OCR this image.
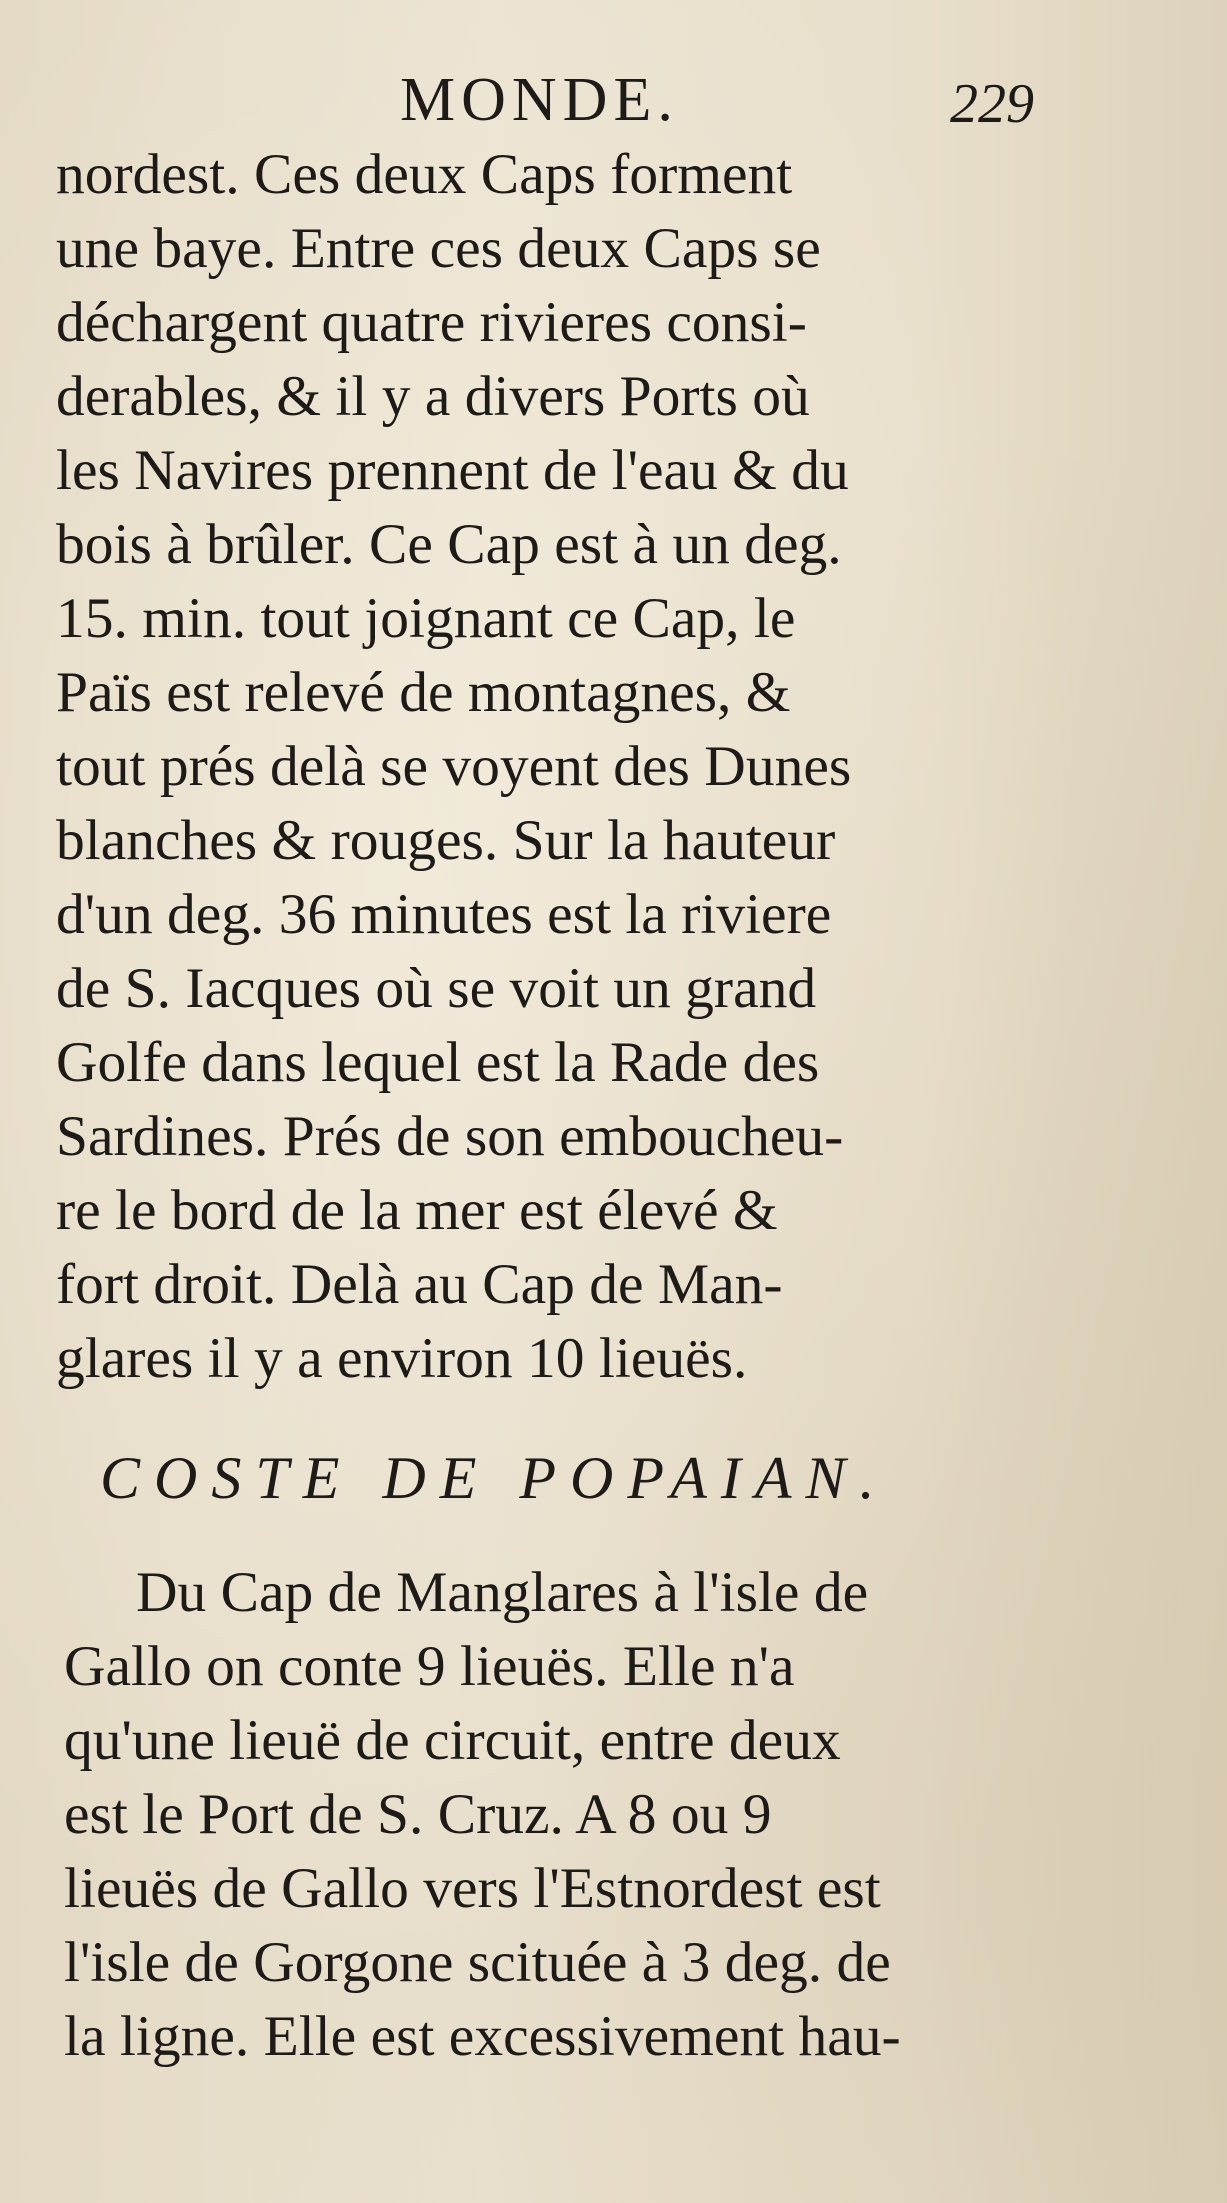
MONDE.	229
nordest. Ces deux Caps forment
une baye. Entre ces deux Caps se
déchargent quatre rivieres consi-
derables, & il y a divers Ports où
les Navires prennent de l'eau & du
bois à brûler. Ce Cap est à un deg.
15. min. tout joignant ce Cap, le
Païs est relevé de montagnes, &
tout prés delà se voyent des Dunes
blanches & rouges. Sur la hauteur
d'un deg. 36 minutes est la riviere
de S. Iacques où se voit un grand
Golfe dans lequel est la Rade des
Sardines. Prés de son emboucheu-
re le bord de la mer est élevé &
fort droit. Delà au Cap de Man-
glares il y a environ 10 lieuës.
COSTE DE POPAIAN.
Du Cap de Manglares à l'isle de
Gallo on conte 9 lieuës. Elle n'a
qu'une lieuë de circuit, entre deux
est le Port de S. Cruz. A 8 ou 9
lieuës de Gallo vers l'Estnordest est
l'isle de Gorgone scituée à 3 deg. de
la ligne. Elle est excessivement hau-
